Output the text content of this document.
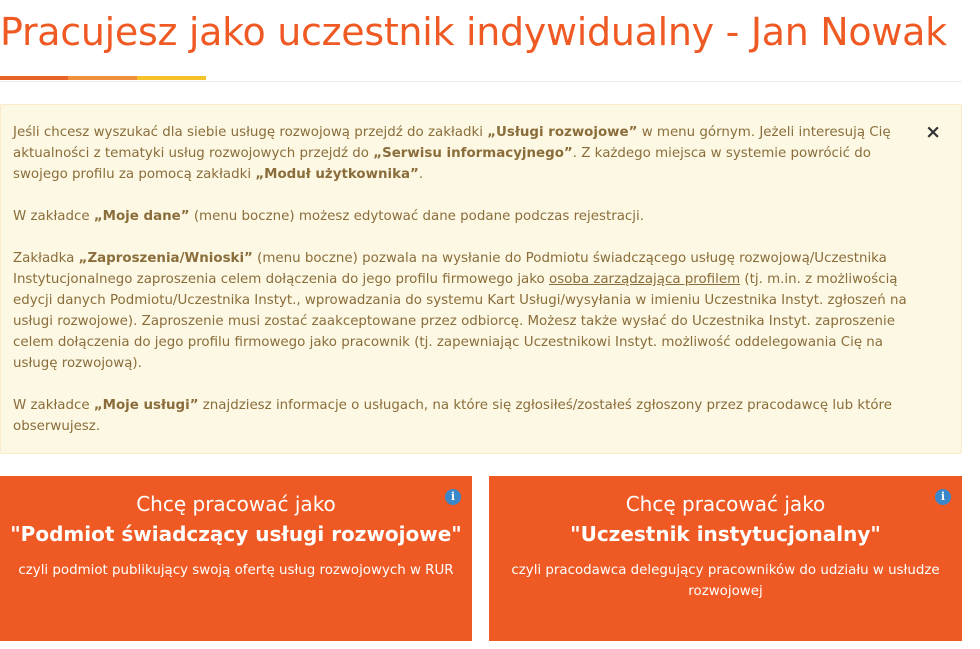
Pracujesz jako uczestnik indywidualny - Jan Nowak
×

Jeśli chcesz wyszukać dla siebie usługę rozwojową przejdź do zakładki „Usługi rozwojowe” w menu górnym. Jeżeli interesują Cię aktualności z tematyki usług rozwojowych przejdź do „Serwisu informacyjnego”. Z każdego miejsca w systemie powrócić do swojego profilu za pomocą zakładki „Moduł użytkownika”.

W zakładce „Moje dane” (menu boczne) możesz edytować dane podane podczas rejestracji.

Zakładka „Zaproszenia/Wnioski” (menu boczne) pozwala na wysłanie do Podmiotu świadczącego usługę rozwojową/Uczestnika Instytucjonalnego zaproszenia celem dołączenia do jego profilu firmowego jako osoba zarządzająca profilem (tj. m.in. z możliwością edycji danych Podmiotu/Uczestnika Instyt., wprowadzania do systemu Kart Usługi/wysyłania w imieniu Uczestnika Instyt. zgłoszeń na usługi rozwojowe). Zaproszenie musi zostać zaakceptowane przez odbiorcę. Możesz także wysłać do Uczestnika Instyt. zaproszenie celem dołączenia do jego profilu firmowego jako pracownik (tj. zapewniając Uczestnikowi Instyt. możliwość oddelegowania Cię na usługę rozwojową).

W zakładce „Moje usługi” znajdziesz informacje o usługach, na które się zgłosiłeś/zostałeś zgłoszony przez pracodawcę lub które obserwujesz.

i
Chcę pracować jako
"Podmiot świadczący usługi rozwojowe"
czyli podmiot publikujący swoją ofertę usług rozwojowych w RUR
i
Chcę pracować jako
"Uczestnik instytucjonalny"
czyli pracodawca delegujący pracowników do udziału w usłudze rozwojowej
